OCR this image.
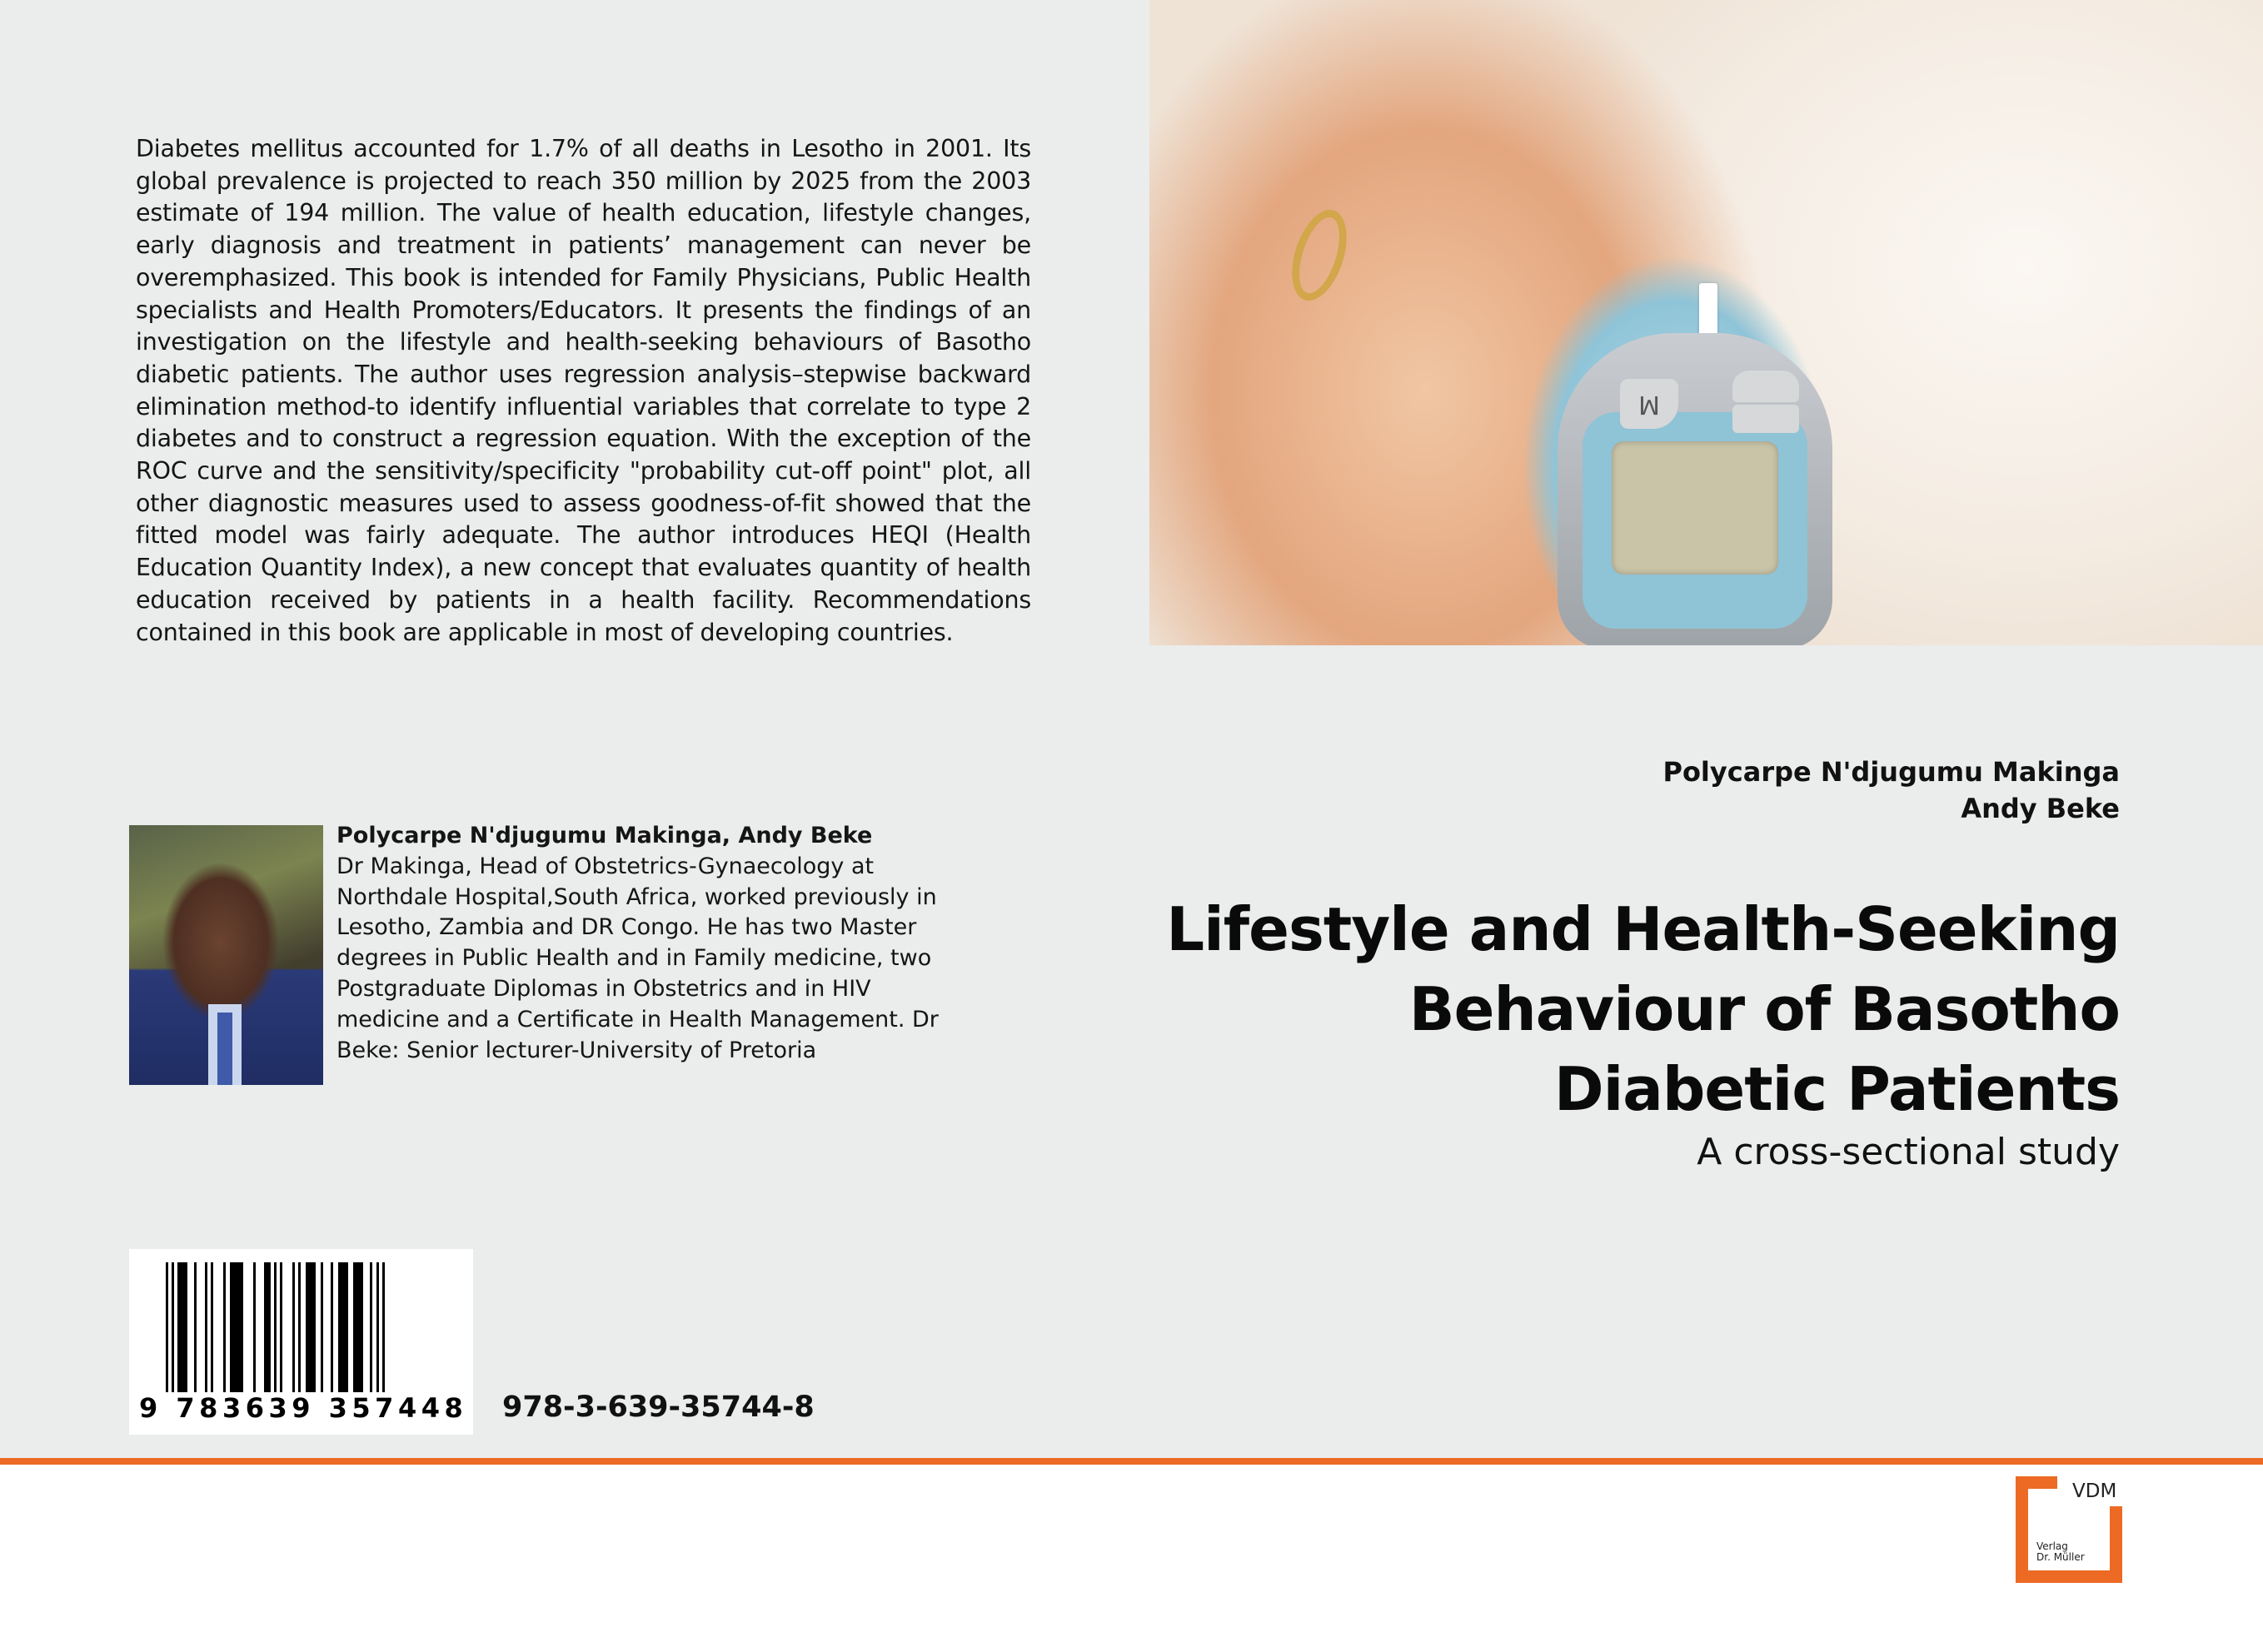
Diabetes mellitus accounted for 1.7% of all deaths in Lesotho in 2001. Its global prevalence is projected to reach 350 million by 2025 from the 2003 estimate of 194 million. The value of health education, lifestyle changes, early diagnosis and treatment in patients’ management can never be overemphasized. This book is intended for Family Physicians, Public Health specialists and Health Promoters/Educators. It presents the findings of an investigation on the lifestyle and health-seeking behaviours of Basotho diabetic patients. The author uses regression analysis–stepwise backward elimination method-to identify influential variables that correlate to type 2 diabetes and to construct a regression equation. With the exception of the ROC curve and the sensitivity/specificity "probability cut-off point" plot, all other diagnostic measures used to assess goodness-of-fit showed that the fitted model was fairly adequate. The author introduces HEQI (Health Education Quantity Index), a new concept that evaluates quantity of health education received by patients in a health facility. Recommendations contained in this book are applicable in most of developing countries.

M
Polycarpe N'djugumu Makinga, Andy Beke
Dr Makinga, Head of Obstetrics-Gynaecology at Northdale Hospital,South Africa, worked previously in Lesotho, Zambia and DR Congo. He has two Master degrees in Public Health and in Family medicine, two Postgraduate Diplomas in Obstetrics and in HIV medicine and a Certificate in Health Management. Dr Beke: Senior lecturer-University of Pretoria
Polycarpe N'djugumu Makinga
Andy Beke
Lifestyle and Health-Seeking
Behaviour of Basotho
Diabetic Patients
A cross-sectional study
9 783639 357448 978-3-639-35744-8
VDM
Verlag
Dr. Müller
